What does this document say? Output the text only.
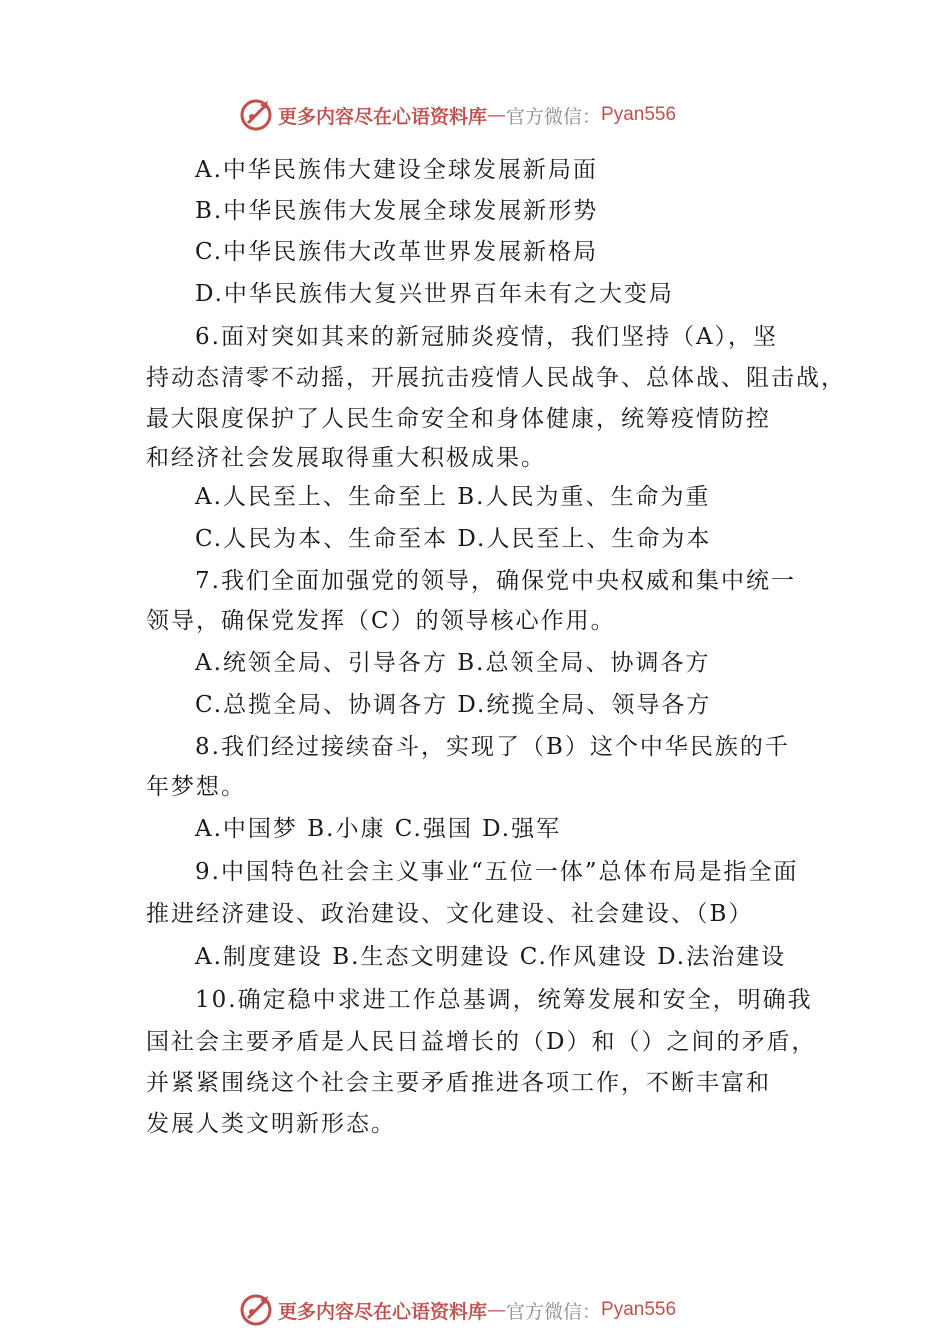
更多内容尽在心语资料库 — 官方微信： Pyan556
A.中华民族伟大建设全球发展新局面
B.中华民族伟大发展全球发展新形势
C.中华民族伟大改革世界发展新格局
D.中华民族伟大复兴世界百年未有之大变局
6.面对突如其来的新冠肺炎疫情，我们坚持（A），坚
持动态清零不动摇，开展抗击疫情人民战争、总体战、阻击战，
最大限度保护了人民生命安全和身体健康，统筹疫情防控
和经济社会发展取得重大积极成果。
A.人民至上、生命至上 B.人民为重、生命为重
C.人民为本、生命至本 D.人民至上、生命为本
7.我们全面加强党的领导，确保党中央权威和集中统一
领导，确保党发挥（C）的领导核心作用。
A.统领全局、引导各方 B.总领全局、协调各方
C.总揽全局、协调各方 D.统揽全局、领导各方
8.我们经过接续奋斗，实现了（B）这个中华民族的千
年梦想。
A.中国梦 B.小康 C.强国 D.强军
9.中国特色社会主义事业“五位一体”总体布局是指全面
推进经济建设、政治建设、文化建设、社会建设、（B）
A.制度建设 B.生态文明建设 C.作风建设 D.法治建设
10.确定稳中求进工作总基调，统筹发展和安全，明确我
国社会主要矛盾是人民日益增长的（D）和（）之间的矛盾，
并紧紧围绕这个社会主要矛盾推进各项工作，不断丰富和
发展人类文明新形态。
更多内容尽在心语资料库 — 官方微信： Pyan556
